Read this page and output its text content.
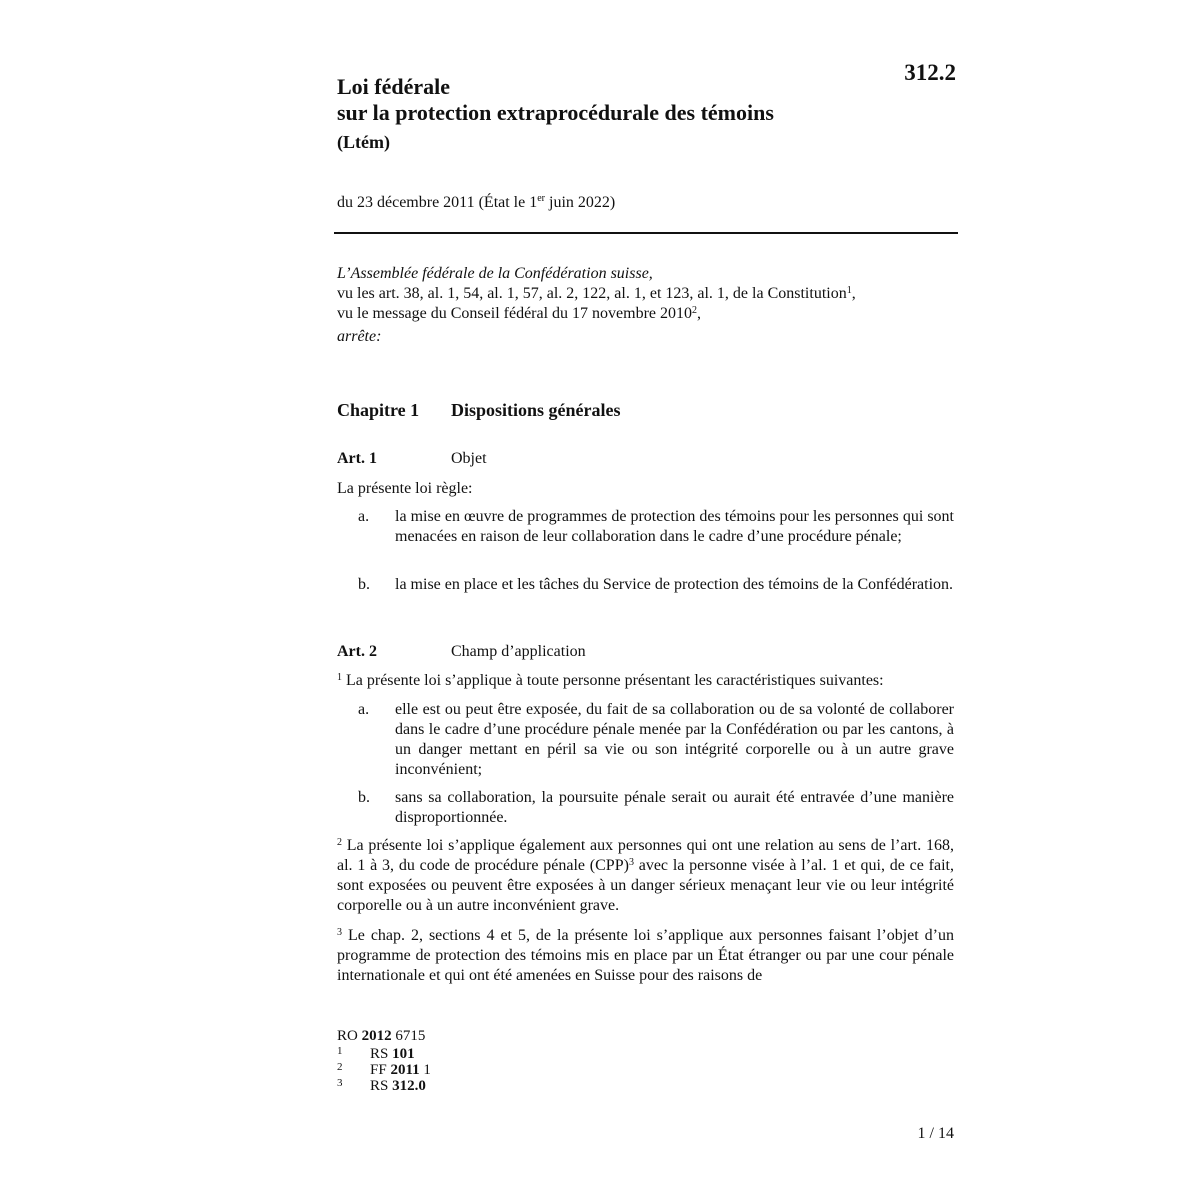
312.2
Loi fédérale
sur la protection extraprocédurale des témoins
(Ltém)
du 23 décembre 2011 (État le 1er juin 2022)

L’Assemblée fédérale de la Confédération suisse,

vu les art. 38, al. 1, 54, al. 1, 57, al. 2, 122, al. 1, et 123, al. 1, de la Constitution$^1$,

vu le message du Conseil fédéral du 17 novembre 2010$^2$,

arrête:

Chapitre 1 Dispositions générales
Art. 1	Objet
La présente loi règle:
a.	la mise en œuvre de programmes de protection des témoins pour les personnes qui sont menacées en raison de leur collaboration dans le cadre d’une procédure pénale;
b.	la mise en place et les tâches du Service de protection des témoins de la Confédération.
Art. 2	Champ d’application
$^1$ La présente loi s’applique à toute personne présentant les caractéristiques suivantes:
a.	elle est ou peut être exposée, du fait de sa collaboration ou de sa volonté de collaborer dans le cadre d’une procédure pénale menée par la Confédération ou par les cantons, à un danger mettant en péril sa vie ou son intégrité corporelle ou à un autre grave inconvénient;
b.	sans sa collaboration, la poursuite pénale serait ou aurait été entravée d’une manière disproportionnée.
$^2$ La présente loi s’applique également aux personnes qui ont une relation au sens de l’art. 168, al. 1 à 3, du code de procédure pénale (CPP)$^3$ avec la personne visée à l’al. 1 et qui, de ce fait, sont exposées ou peuvent être exposées à un danger sérieux menaçant leur vie ou leur intégrité corporelle ou à un autre inconvénient grave.
$^3$ Le chap. 2, sections 4 et 5, de la présente loi s’applique aux personnes faisant l’objet d’un programme de protection des témoins mis en place par un État étranger ou par une cour pénale internationale et qui ont été amenées en Suisse pour des raisons de
RO 2012 6715
1 RS 101
2 FF 2011 1
3 RS 312.0
1 / 14
